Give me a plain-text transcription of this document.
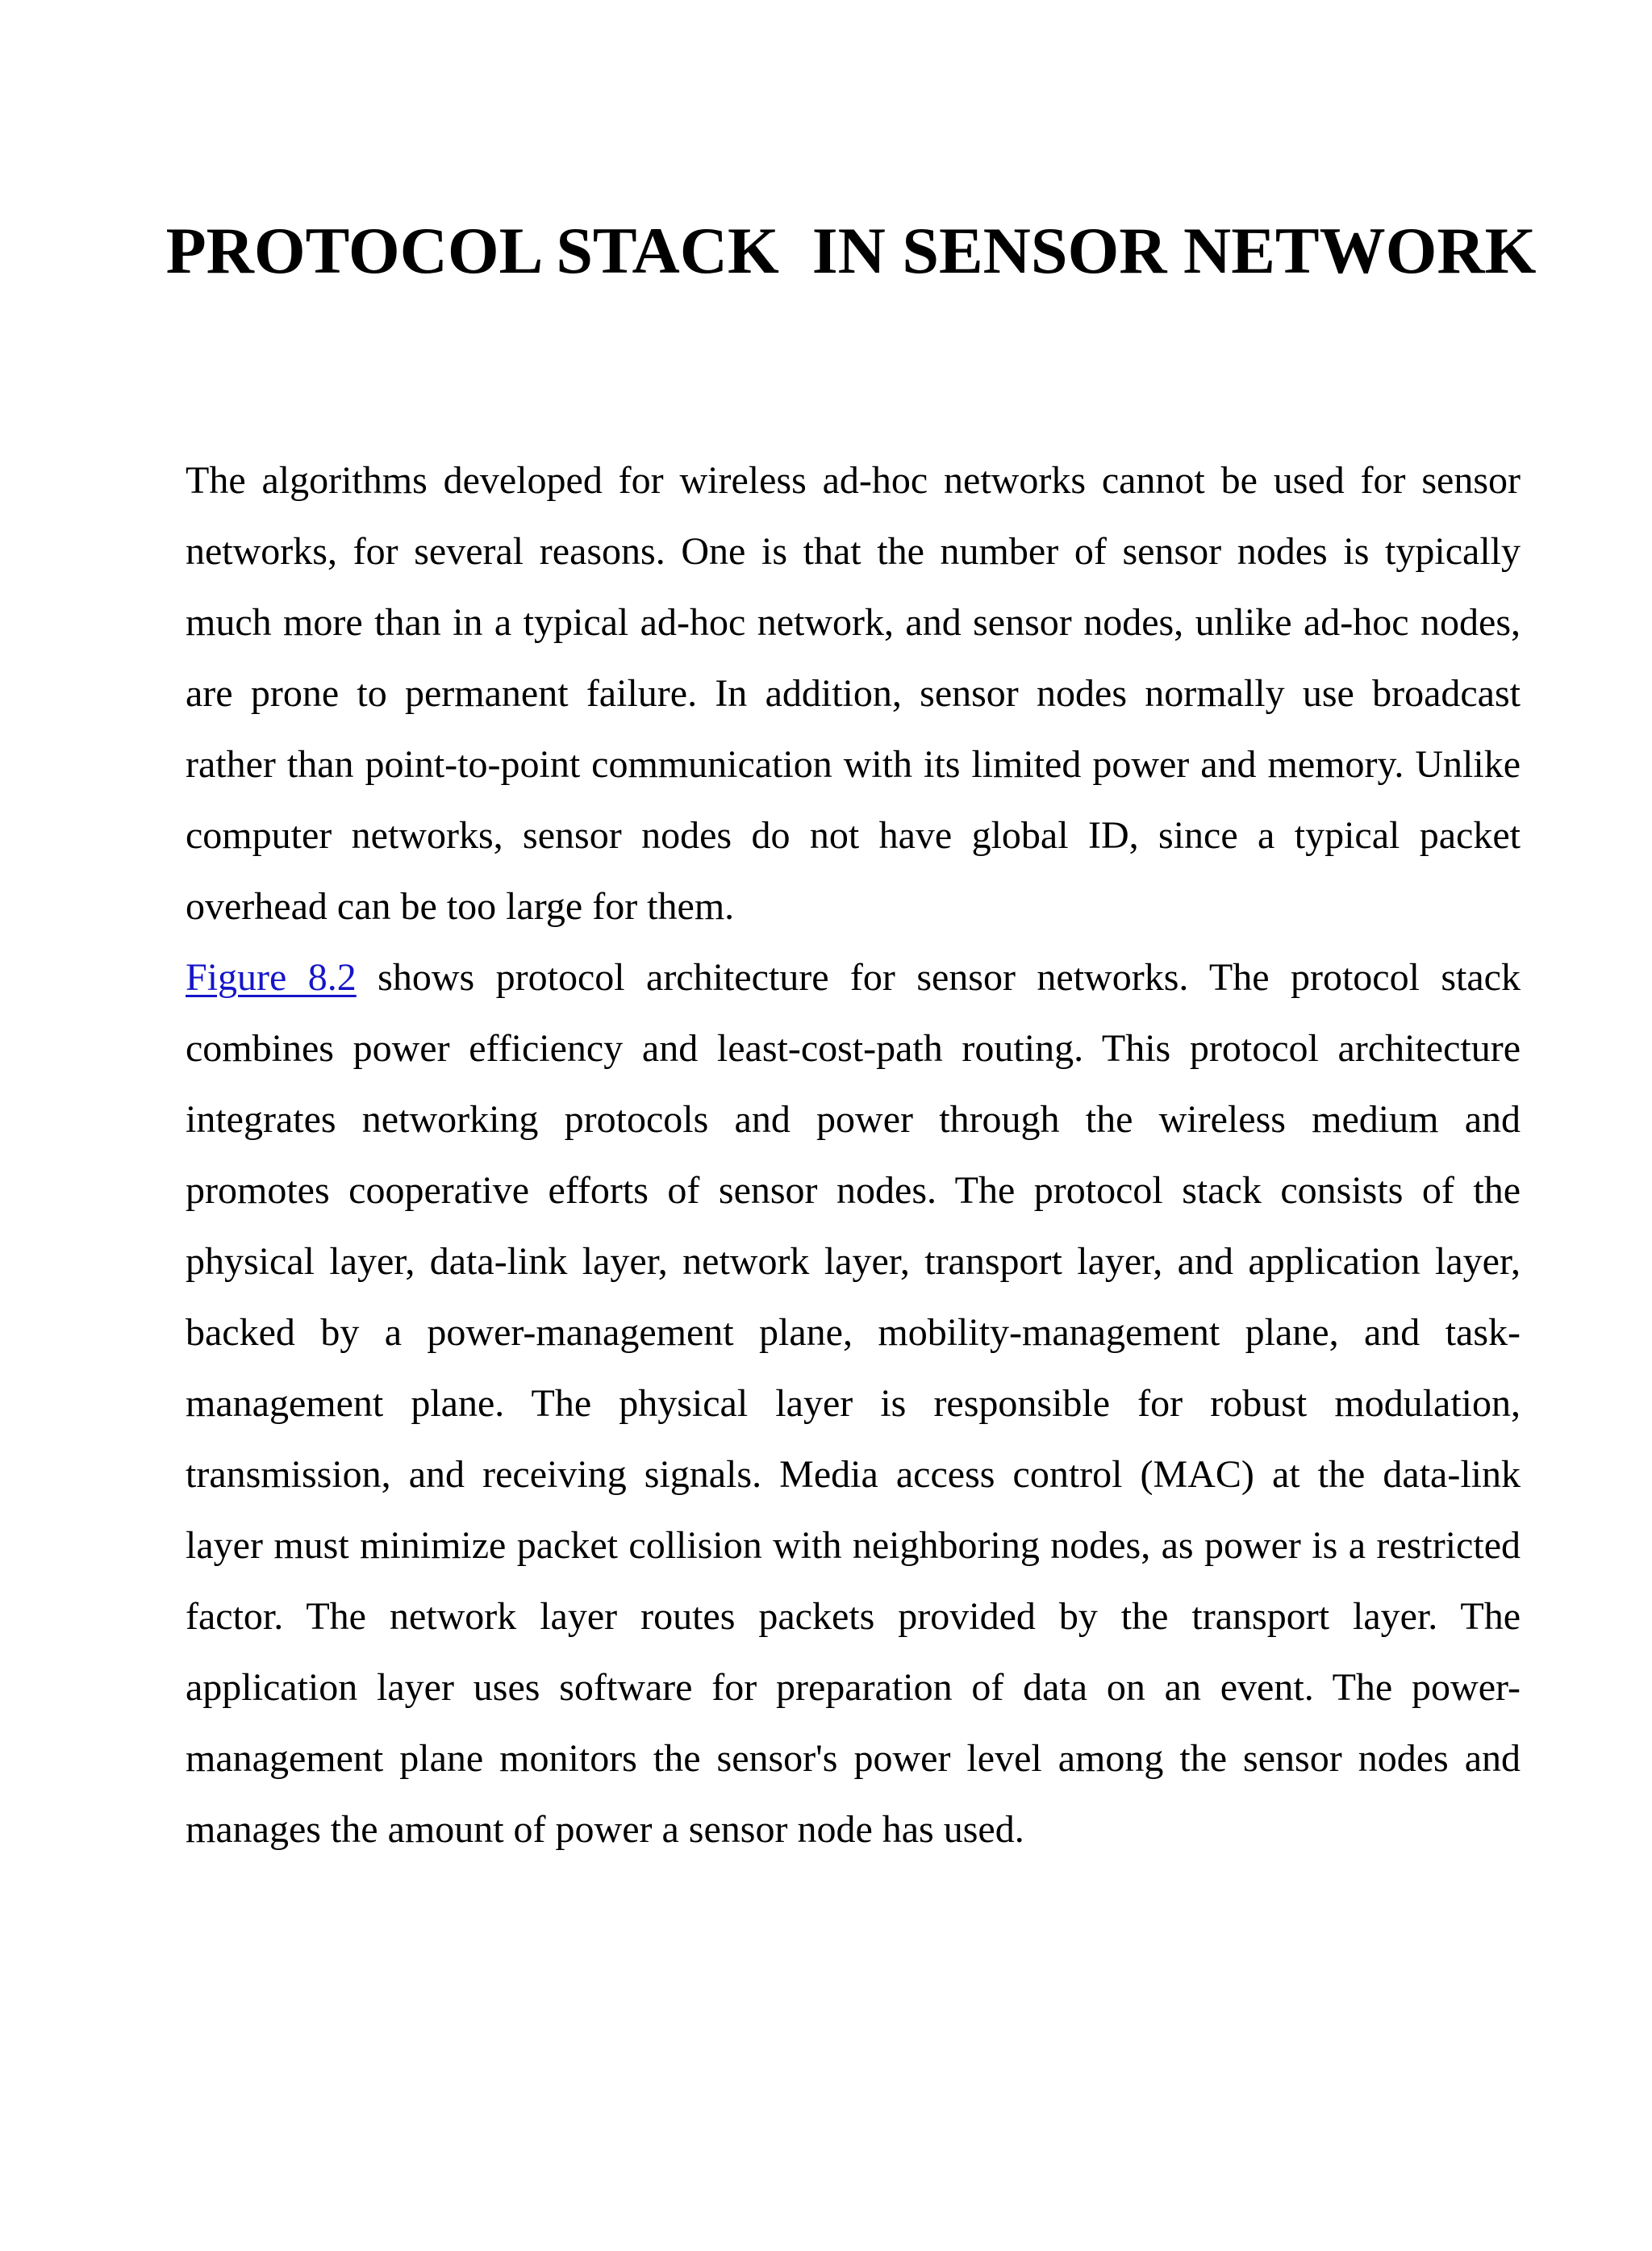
PROTOCOL STACK  IN SENSOR NETWORK

The algorithms developed for wireless ad-hoc networks cannot be used for sensor networks, for several reasons. One is that the number of sensor nodes is typically much more than in a typical ad-hoc network, and sensor nodes, unlike ad-hoc nodes, are prone to permanent failure. In addition, sensor nodes normally use broadcast rather than point-to-point communication with its limited power and memory. Unlike computer networks, sensor nodes do not have global ID, since a typical packet overhead can be too large for them.

Figure 8.2 shows protocol architecture for sensor networks. The protocol stack combines power efficiency and least-cost-path routing. This protocol architecture integrates networking protocols and power through the wireless medium and promotes cooperative efforts of sensor nodes. The protocol stack consists of the physical layer, data-link layer, network layer, transport layer, and application layer, backed by a power-management plane, mobility-management plane, and task-management plane. The physical layer is responsible for robust modulation, transmission, and receiving signals. Media access control (MAC) at the data-link layer must minimize packet collision with neighboring nodes, as power is a restricted factor. The network layer routes packets provided by the transport layer. The application layer uses software for preparation of data on an event. The power-management plane monitors the sensor's power level among the sensor nodes and manages the amount of power a sensor node has used.
